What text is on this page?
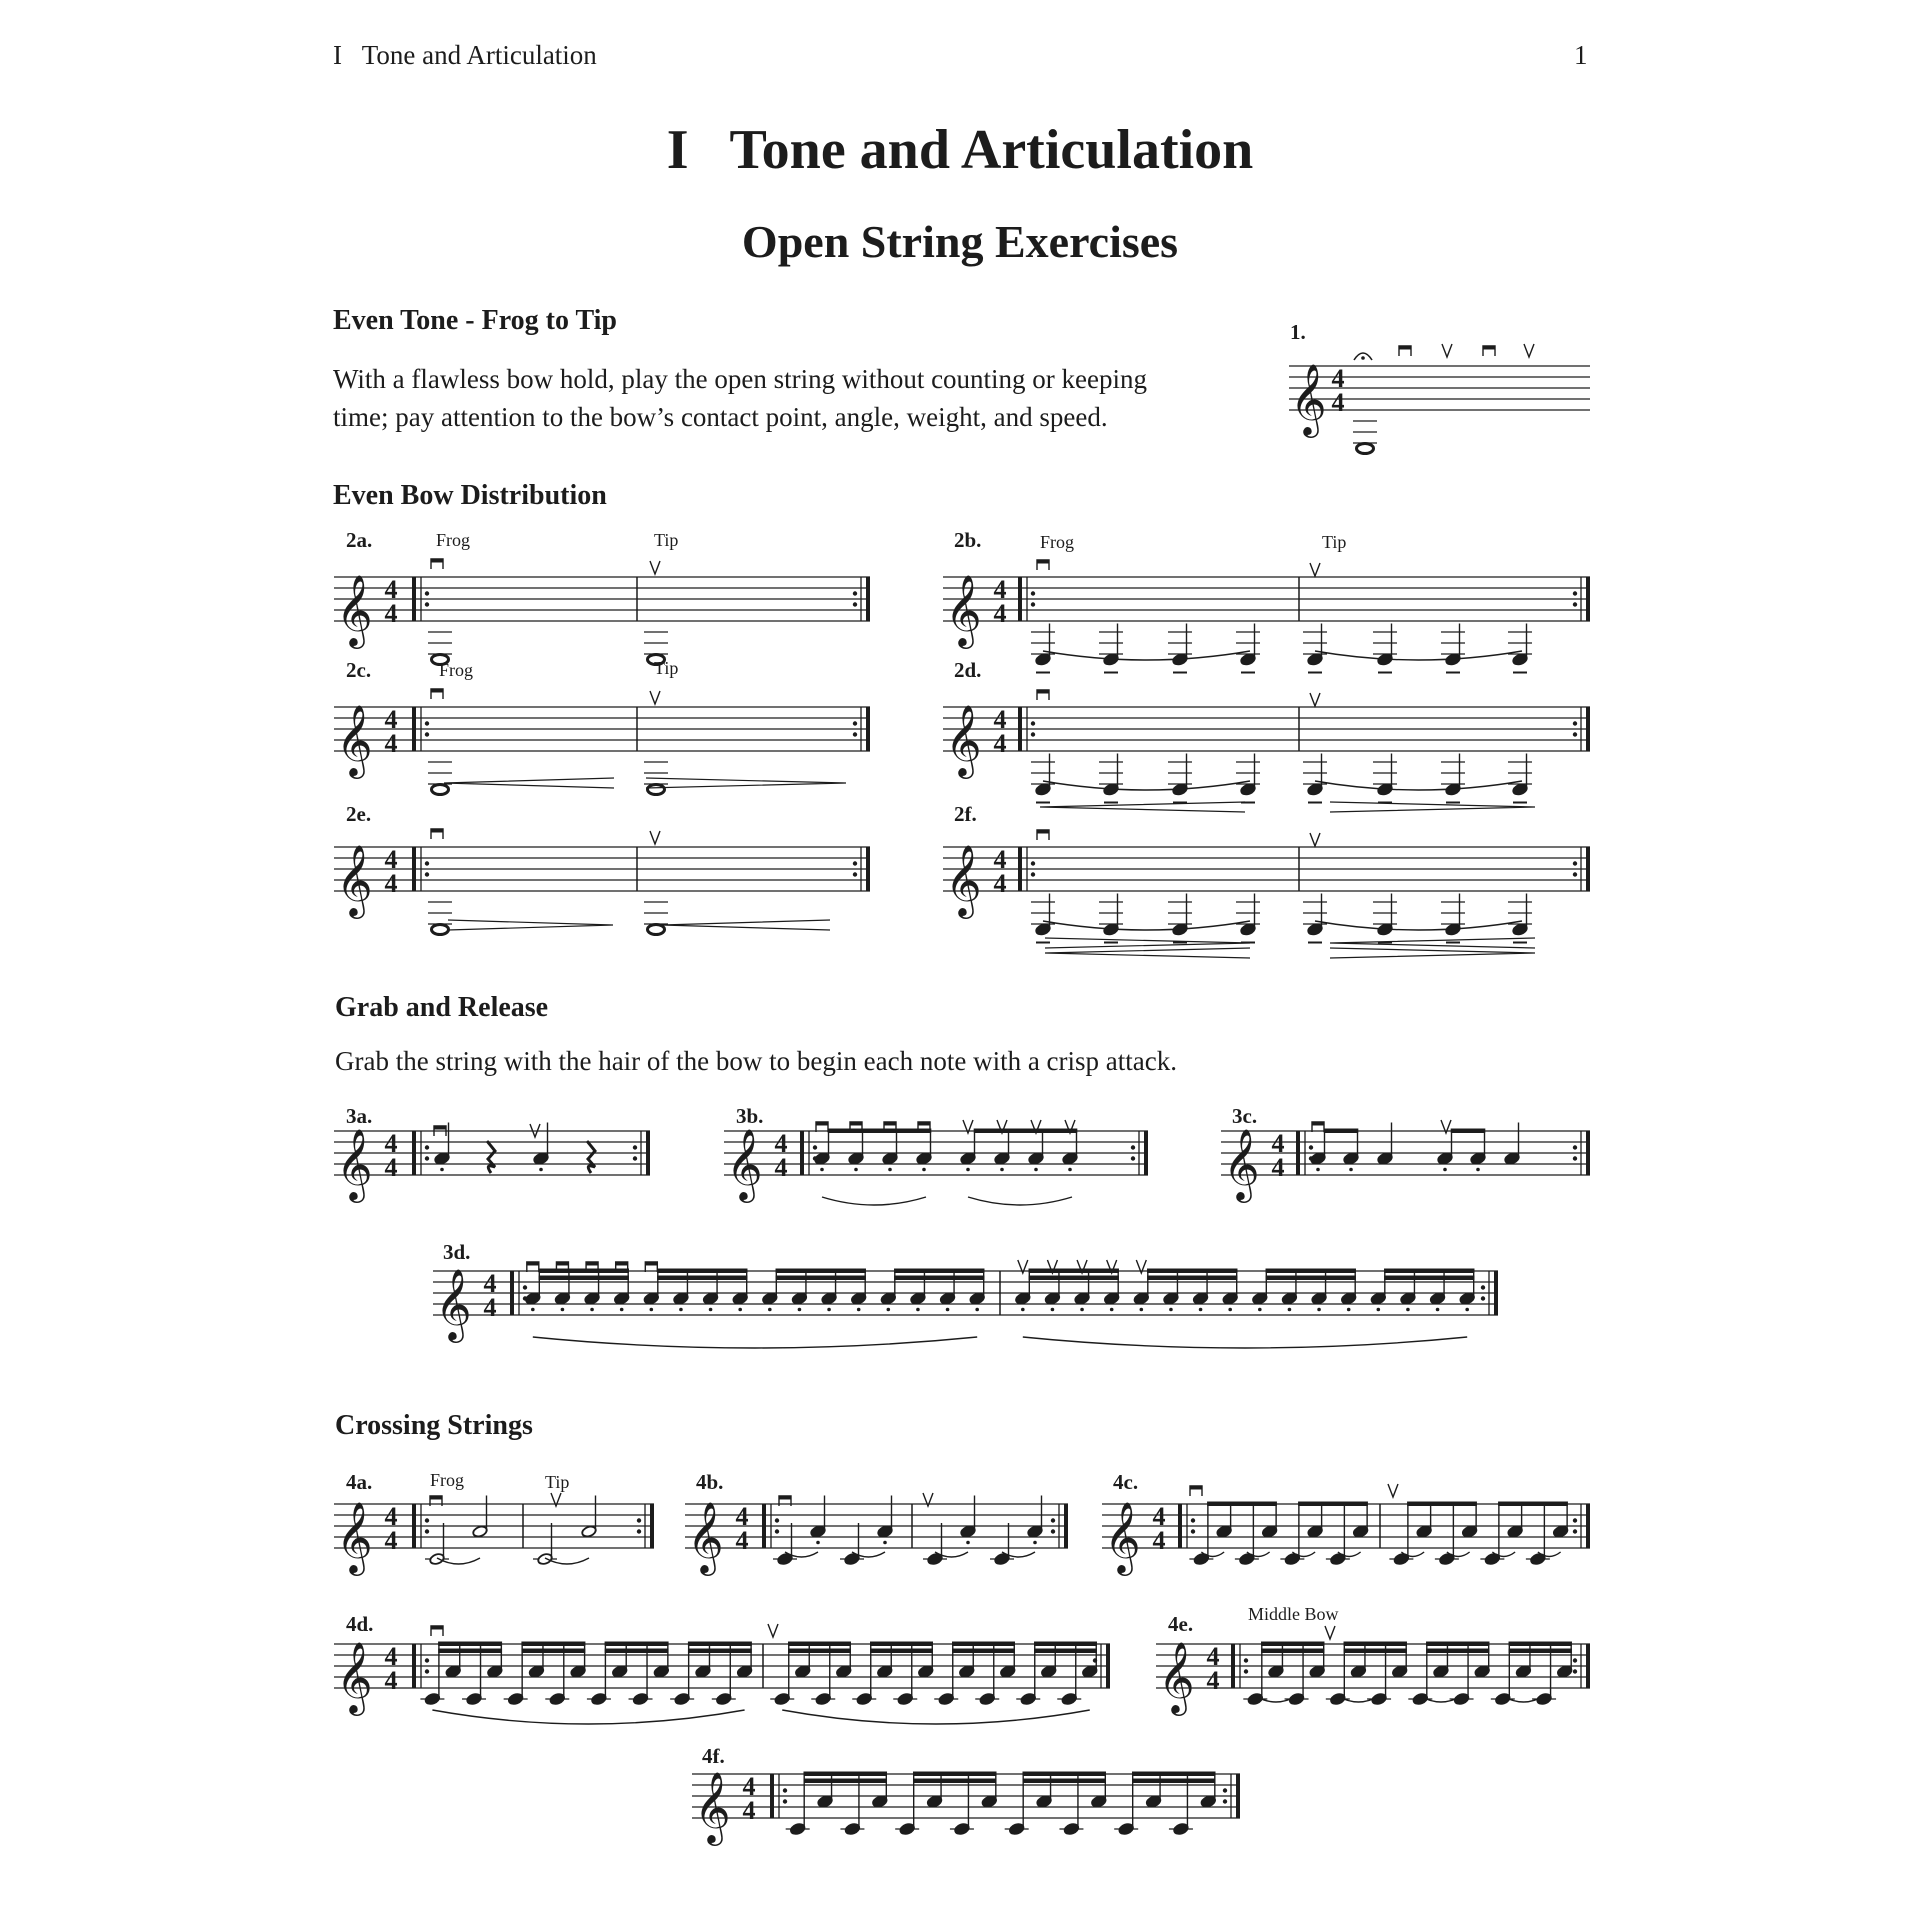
I   Tone and Articulation	1
I   Tone and Articulation
Open String Exercises
Even Tone - Frog to Tip
With a flawless bow hold, play the open string without counting or keeping
time; pay attention to the bow’s contact point, angle, weight, and speed.
Even Bow Distribution
Grab and Release
Grab the string with the hair of the bow to begin each note with a crisp attack.
Crossing Strings
1.
2a.	2b.
2c.	2d.
2e.	2f.
3a.	3b.	3c.
3d.
4a.	4b.	4c.
4d.	4e.
4f.
Frog	Tip	Frog	Tip
Frog	Tip
Frog	Tip
Middle Bow
𝄞 4
4
𝄞 4
4
𝄞 4
4
𝄞 4
4
𝄞 4
4
𝄞 4
4
𝄞 4
4
𝄞 4
4	𝄞 4
4	𝄞 4
4
𝄞 4
4
𝄞 4
4	𝄞 4
4	𝄞 4
4
𝄞 4
4	𝄞 4
4
𝄞 4
4
